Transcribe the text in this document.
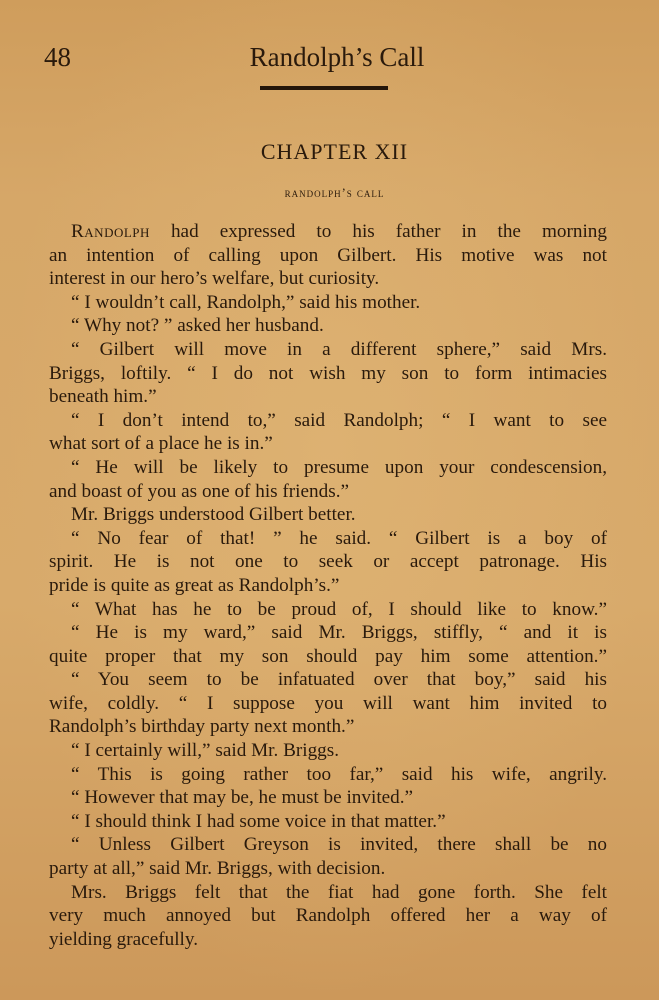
48	Randolph’s Call
CHAPTER XII
randolph’s call
Randolph had expressed to his father in the morning
an intention of calling upon Gilbert. His motive was not
interest in our hero’s welfare, but curiosity.
“ I wouldn’t call, Randolph,” said his mother.
“ Why not? ” asked her husband.
“ Gilbert will move in a different sphere,” said Mrs.
Briggs, loftily. “ I do not wish my son to form intimacies
beneath him.”
“ I don’t intend to,” said Randolph; “ I want to see
what sort of a place he is in.”
“ He will be likely to presume upon your condescension,
and boast of you as one of his friends.”
Mr. Briggs understood Gilbert better.
“ No fear of that! ” he said. “ Gilbert is a boy of
spirit. He is not one to seek or accept patronage. His
pride is quite as great as Randolph’s.”
“ What has he to be proud of, I should like to know.”
“ He is my ward,” said Mr. Briggs, stiffly, “ and it is
quite proper that my son should pay him some attention.”
“ You seem to be infatuated over that boy,” said his
wife, coldly. “ I suppose you will want him invited to
Randolph’s birthday party next month.”
“ I certainly will,” said Mr. Briggs.
“ This is going rather too far,” said his wife, angrily.
“ However that may be, he must be invited.”
“ I should think I had some voice in that matter.”
“ Unless Gilbert Greyson is invited, there shall be no
party at all,” said Mr. Briggs, with decision.
Mrs. Briggs felt that the fiat had gone forth. She felt
very much annoyed but Randolph offered her a way of
yielding gracefully.
